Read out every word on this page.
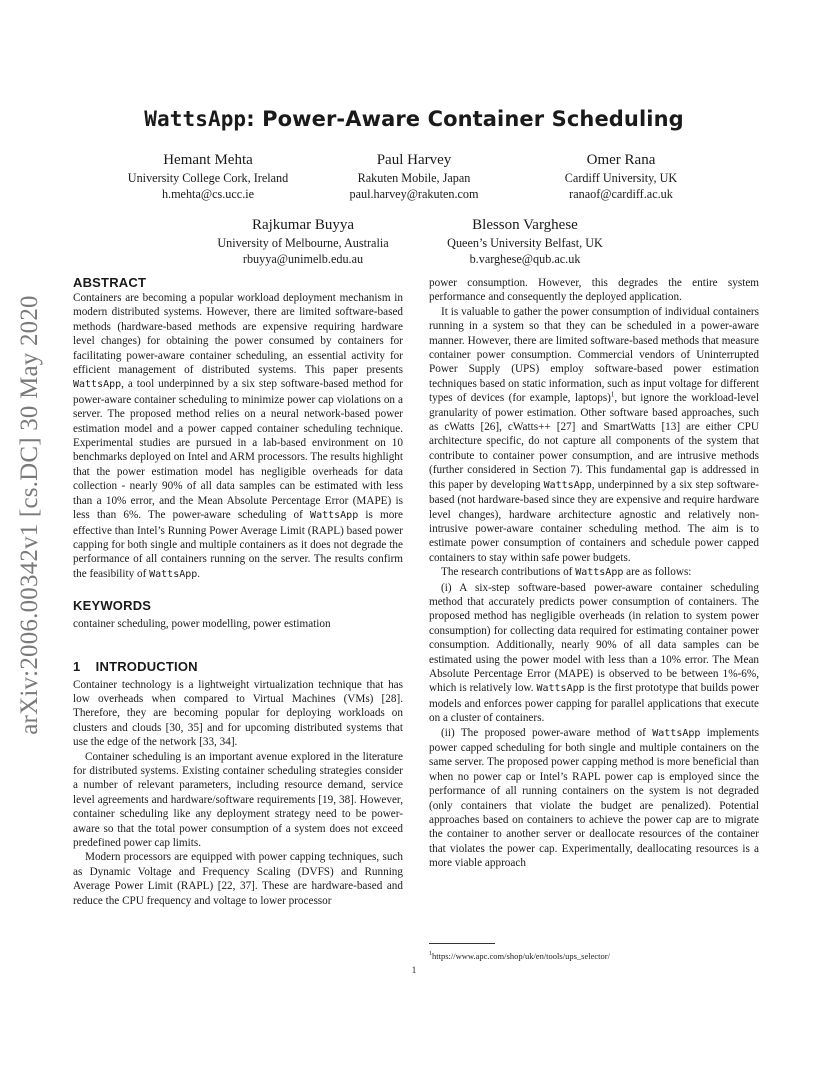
WattsApp: Power-Aware Container Scheduling
Hemant Mehta
University College Cork, Ireland
h.mehta@cs.ucc.ie
Paul Harvey
Rakuten Mobile, Japan
paul.harvey@rakuten.com
Omer Rana
Cardiff University, UK
ranaof@cardiff.ac.uk
Rajkumar Buyya
University of Melbourne, Australia
rbuyya@unimelb.edu.au
Blesson Varghese
Queen’s University Belfast, UK
b.varghese@qub.ac.uk
arXiv:2006.00342v1 [cs.DC] 30 May 2020
ABSTRACT

Containers are becoming a popular workload deployment mechanism in modern distributed systems. However, there are limited software-based methods (hardware-based methods are expensive requiring hardware level changes) for obtaining the power consumed by containers for facilitating power-aware container scheduling, an essential activity for efficient management of distributed systems. This paper presents WattsApp, a tool underpinned by a six step software-based method for power-aware container scheduling to minimize power cap violations on a server. The proposed method relies on a neural network-based power estimation model and a power capped container scheduling technique. Experimental studies are pursued in a lab-based environment on 10 benchmarks deployed on Intel and ARM processors. The results highlight that the power estimation model has negligible overheads for data collection - nearly 90% of all data samples can be estimated with less than a 10% error, and the Mean Absolute Percentage Error (MAPE) is less than 6%. The power-aware scheduling of WattsApp is more effective than Intel’s Running Power Average Limit (RAPL) based power capping for both single and multiple containers as it does not degrade the performance of all containers running on the server. The results confirm the feasibility of WattsApp.

KEYWORDS

container scheduling, power modelling, power estimation

1    INTRODUCTION

Container technology is a lightweight virtualization technique that has low overheads when compared to Virtual Machines (VMs) [28]. Therefore, they are becoming popular for deploying workloads on clusters and clouds [30, 35] and for upcoming distributed systems that use the edge of the network [33, 34].

Container scheduling is an important avenue explored in the literature for distributed systems. Existing container scheduling strategies consider a number of relevant parameters, including resource demand, service level agreements and hardware/software requirements [19, 38]. However, container scheduling like any deployment strategy need to be power-aware so that the total power consumption of a system does not exceed predefined power cap limits.

Modern processors are equipped with power capping techniques, such as Dynamic Voltage and Frequency Scaling (DVFS) and Running Average Power Limit (RAPL) [22, 37]. These are hardware-based and reduce the CPU frequency and voltage to lower processor

power consumption. However, this degrades the entire system performance and consequently the deployed application.

It is valuable to gather the power consumption of individual containers running in a system so that they can be scheduled in a power-aware manner. However, there are limited software-based methods that measure container power consumption. Commercial vendors of Uninterrupted Power Supply (UPS) employ software-based power estimation techniques based on static information, such as input voltage for different types of devices (for example, laptops)$^1$, but ignore the workload-level granularity of power estimation. Other software based approaches, such as cWatts [26], cWatts++ [27] and SmartWatts [13] are either CPU architecture specific, do not capture all components of the system that contribute to container power consumption, and are intrusive methods (further considered in Section 7). This fundamental gap is addressed in this paper by developing WattsApp, underpinned by a six step software-based (not hardware-based since they are expensive and require hardware level changes), hardware architecture agnostic and relatively non-intrusive power-aware container scheduling method. The aim is to estimate power consumption of containers and schedule power capped containers to stay within safe power budgets.

The research contributions of WattsApp are as follows:

(i) A six-step software-based power-aware container scheduling method that accurately predicts power consumption of containers. The proposed method has negligible overheads (in relation to system power consumption) for collecting data required for estimating container power consumption. Additionally, nearly 90% of all data samples can be estimated using the power model with less than a 10% error. The Mean Absolute Percentage Error (MAPE) is observed to be between 1%-6%, which is relatively low. WattsApp is the first prototype that builds power models and enforces power capping for parallel applications that execute on a cluster of containers.

(ii) The proposed power-aware method of WattsApp implements power capped scheduling for both single and multiple containers on the same server. The proposed power capping method is more beneficial than when no power cap or Intel’s RAPL power cap is employed since the performance of all running containers on the system is not degraded (only containers that violate the budget are penalized). Potential approaches based on containers to achieve the power cap are to migrate the container to another server or deallocate resources of the container that violates the power cap. Experimentally, deallocating resources is a more viable approach

$^1$https://www.apc.com/shop/uk/en/tools/ups_selector/
1
